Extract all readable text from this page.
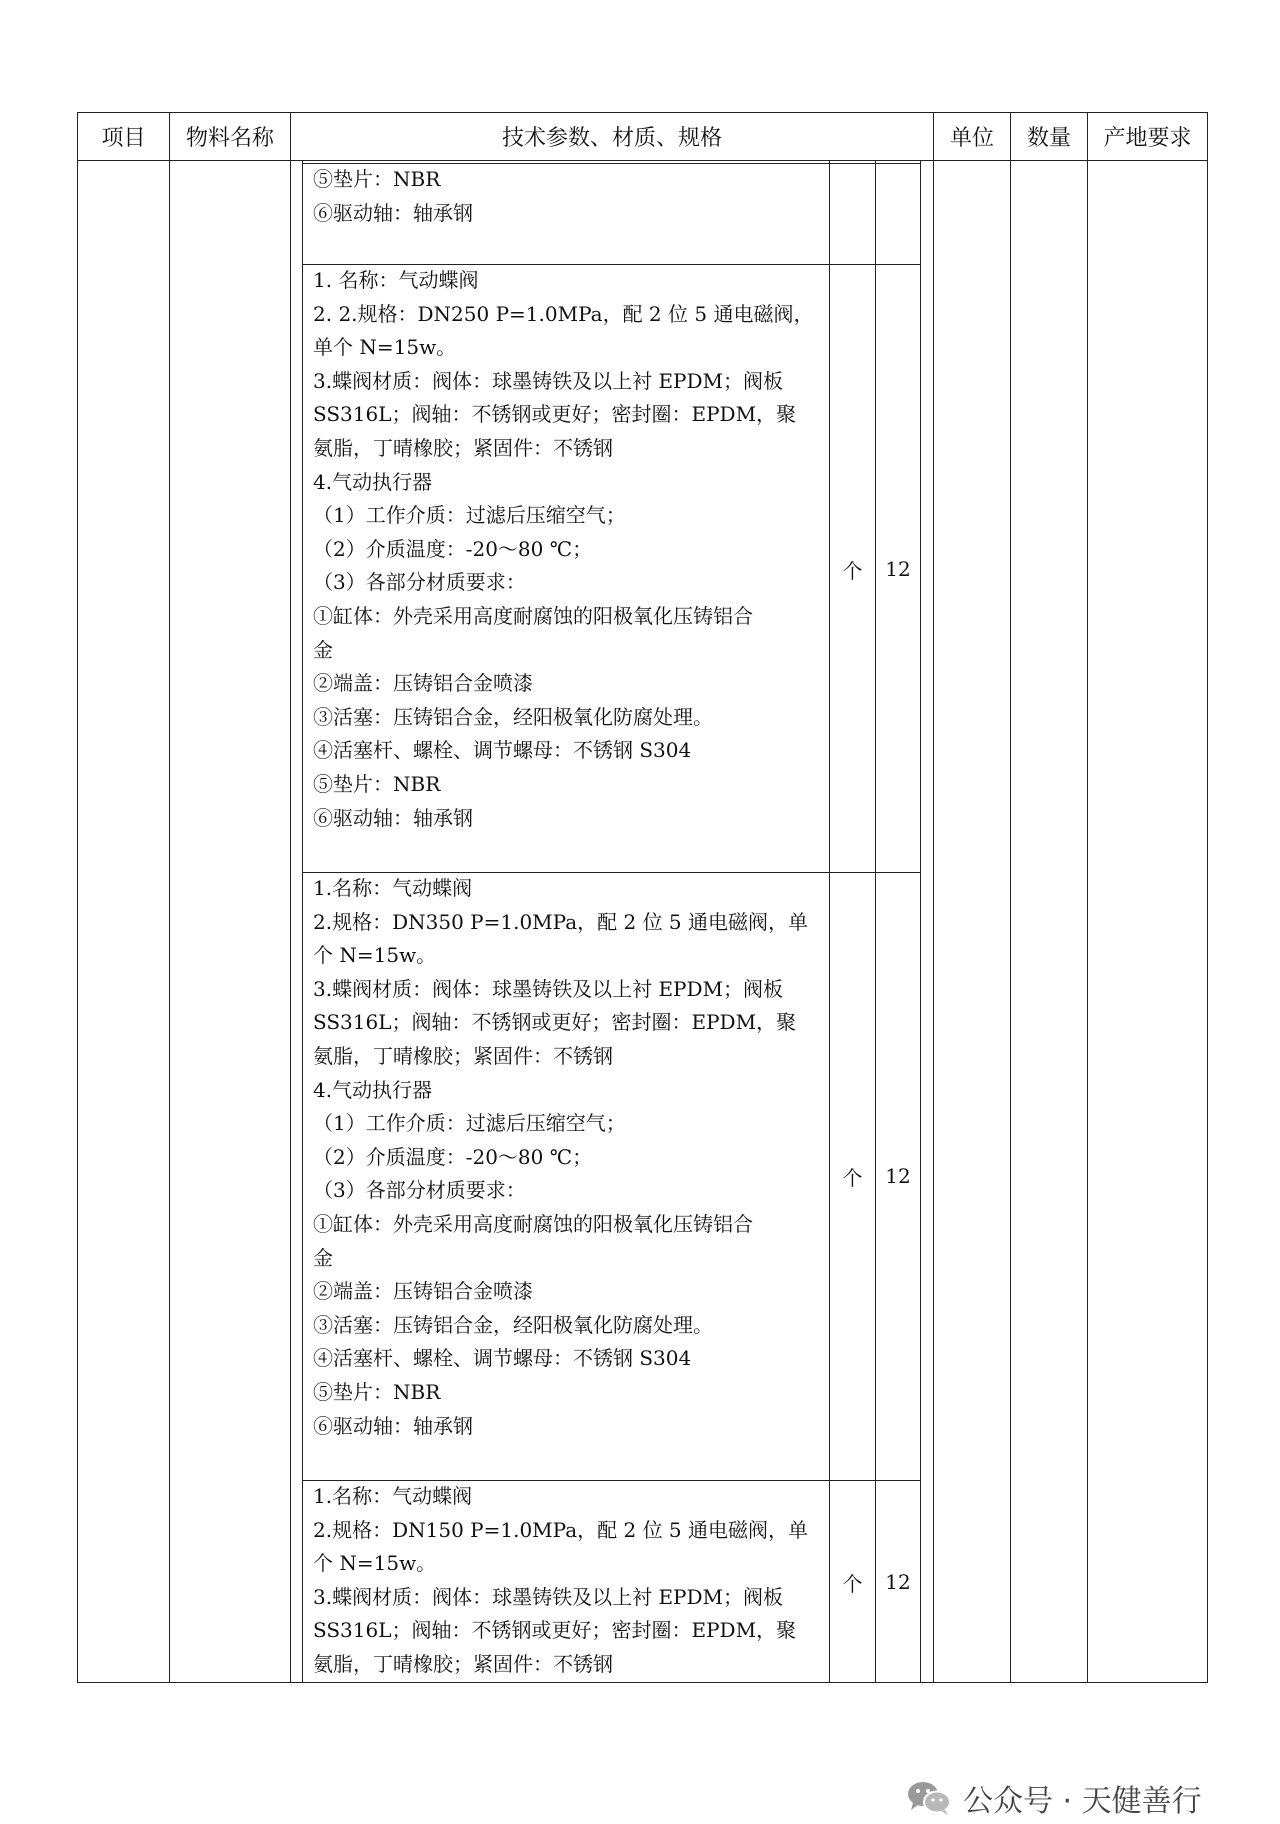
项目	物料名称	技术参数、材质、规格	单位	数量	产地要求
⑤垫片：NBR
⑥驱动轴：轴承钢
1. 名称：气动蝶阀
2. 2.规格：DN250 P=1.0MPa，配 2 位 5 通电磁阀，
单个 N=15w。
3.蝶阀材质：阀体：球墨铸铁及以上衬 EPDM；阀板
SS316L；阀轴：不锈钢或更好；密封圈：EPDM，聚
氨脂，丁晴橡胶；紧固件：不锈钢
4.气动执行器
（1）工作介质：过滤后压缩空气；
（2）介质温度：-20～80 ℃；
（3）各部分材质要求：
①缸体：外壳采用高度耐腐蚀的阳极氧化压铸铝合
金
②端盖：压铸铝合金喷漆
③活塞：压铸铝合金，经阳极氧化防腐处理。
④活塞杆、螺栓、调节螺母：不锈钢 S304
⑤垫片：NBR
⑥驱动轴：轴承钢
个	12
1.名称：气动蝶阀
2.规格：DN350 P=1.0MPa，配 2 位 5 通电磁阀，单
个 N=15w。
3.蝶阀材质：阀体：球墨铸铁及以上衬 EPDM；阀板
SS316L；阀轴：不锈钢或更好；密封圈：EPDM，聚
氨脂，丁晴橡胶；紧固件：不锈钢
4.气动执行器
（1）工作介质：过滤后压缩空气；
（2）介质温度：-20～80 ℃；
（3）各部分材质要求：
①缸体：外壳采用高度耐腐蚀的阳极氧化压铸铝合
金
②端盖：压铸铝合金喷漆
③活塞：压铸铝合金，经阳极氧化防腐处理。
④活塞杆、螺栓、调节螺母：不锈钢 S304
⑤垫片：NBR
⑥驱动轴：轴承钢
个	12
1.名称：气动蝶阀
2.规格：DN150 P=1.0MPa，配 2 位 5 通电磁阀，单
个 N=15w。
3.蝶阀材质：阀体：球墨铸铁及以上衬 EPDM；阀板
SS316L；阀轴：不锈钢或更好；密封圈：EPDM，聚
氨脂，丁晴橡胶；紧固件：不锈钢
个	12
公众号 · 天健善行
